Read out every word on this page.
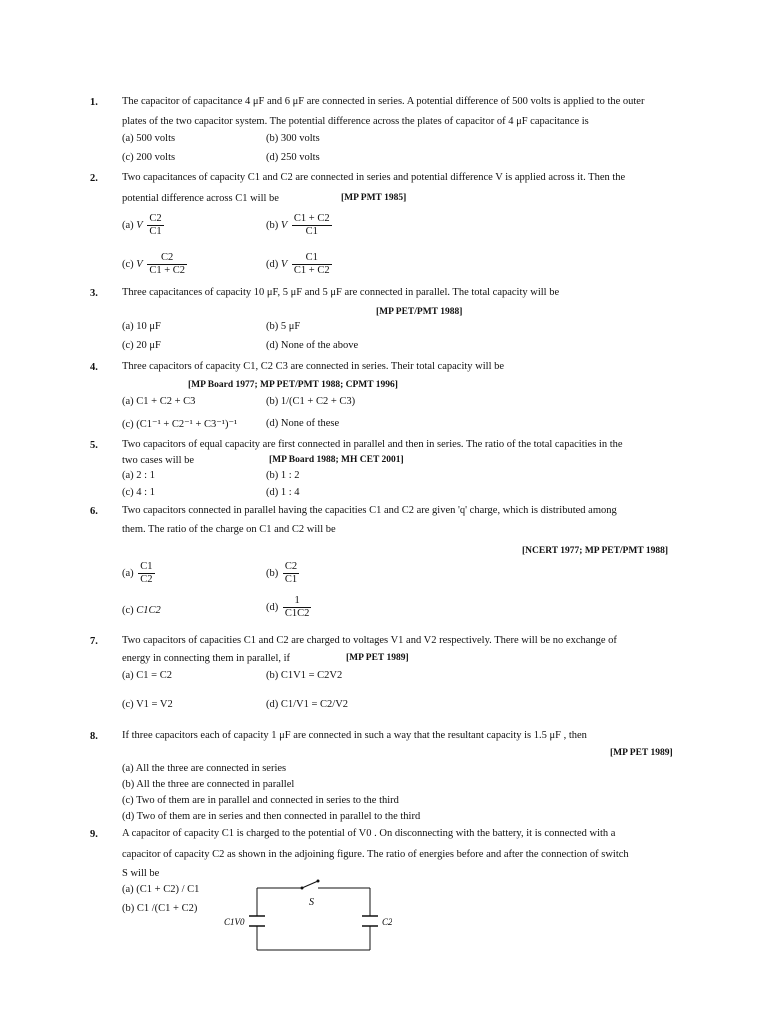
1. The capacitor of capacitance 4 μF and 6 μF are connected in series. A potential difference of 500 volts is applied to the outer
plates of the two capacitor system. The potential difference across the plates of capacitor of 4 μF capacitance is
(a) 500 volts	(b) 300 volts
(c) 200 volts	(d) 250 volts
2. Two capacitances of capacity C1 and C2 are connected in series and potential difference V is applied across it. Then the
potential difference across C1 will be	[MP PMT 1985]
(a) V $\frac{C2}{C1}$	(b) V $\frac{C1 + C2}{C1}$
(c) V $\frac{C2}{C1 + C2}$	(d) V $\frac{C1}{C1 + C2}$
3. Three capacitances of capacity 10 μF, 5 μF and 5 μF are connected in parallel. The total capacity will be
[MP PET/PMT 1988]
(a) 10 μF	(b) 5 μF
(c) 20 μF	(d) None of the above
4. Three capacitors of capacity C1, C2 C3 are connected in series. Their total capacity will be
[MP Board 1977; MP PET/PMT 1988; CPMT 1996]
(a) C1 + C2 + C3	(b) 1/(C1 + C2 + C3)
(c) (C1⁻¹ + C2⁻¹ + C3⁻¹)⁻¹	(d) None of these
5. Two capacitors of equal capacity are first connected in parallel and then in series. The ratio of the total capacities in the
two cases will be	[MP Board 1988; MH CET 2001]
(a) 2 : 1	(b) 1 : 2
(c) 4 : 1	(d) 1 : 4
6. Two capacitors connected in parallel having the capacities C1 and C2 are given 'q' charge, which is distributed among
them. The ratio of the charge on C1 and C2 will be
[NCERT 1977; MP PET/PMT 1988]
$(a) \frac{C1}{C2}$	$(b) \frac{C2}{C1}$
(c) C1C2	$(d) \frac{1}{C1C2}$
7. Two capacitors of capacities C1 and C2 are charged to voltages V1 and V2 respectively. There will be no exchange of
energy in connecting them in parallel, if	[MP PET 1989]
(a) C1 = C2	(b) C1V1 = C2V2
(c) V1 = V2	(d) C1/V1 = C2/V2
8. If three capacitors each of capacity 1 μF are connected in such a way that the resultant capacity is 1.5 μF , then
[MP PET 1989]
(a) All the three are connected in series
(b) All the three are connected in parallel
(c) Two of them are in parallel and connected in series to the third
(d) Two of them are in series and then connected in parallel to the third
9. A capacitor of capacity C1 is charged to the potential of V0 . On disconnecting with the battery, it is connected with a
capacitor of capacity C2 as shown in the adjoining figure. The ratio of energies before and after the connection of switch
S will be
(a) (C1 + C2) / C1
(b) C1 /(C1 + C2)
S
C1V0	C2
